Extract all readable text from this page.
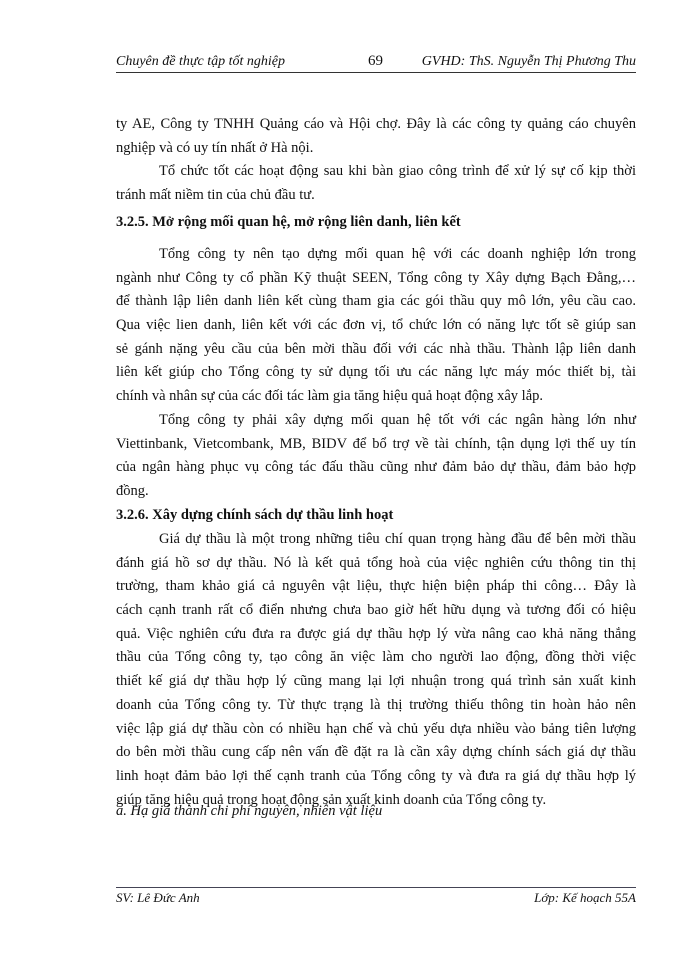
Chuyên đề thực tập tốt nghiệp	69	GVHD: ThS. Nguyễn Thị Phương Thu
ty AE, Công ty TNHH Quảng cáo và Hội chợ. Đây là các công ty quảng cáo chuyên
nghiệp và có uy tín nhất ở Hà nội.
Tổ chức tốt các hoạt động sau khi bàn giao công trình để xử lý sự cố kịp thời
tránh mất niềm tin của chủ đầu tư.
3.2.5. Mở rộng mối quan hệ, mở rộng liên danh, liên kết
Tổng công ty nên tạo dựng mối quan hệ với các doanh nghiệp lớn trong
ngành như Công ty cổ phần Kỹ thuật SEEN, Tổng công ty Xây dựng Bạch Đằng,…
để thành lập liên danh liên kết cùng tham gia các gói thầu quy mô lớn, yêu cầu cao.
Qua việc lien danh, liên kết với các đơn vị, tổ chức lớn có năng lực tốt sẽ giúp san
sẻ gánh nặng yêu cầu của bên mời thầu đối với các nhà thầu. Thành lập liên danh
liên kết giúp cho Tổng công ty sử dụng tối ưu các năng lực máy móc thiết bị, tài
chính và nhân sự của các đối tác làm gia tăng hiệu quả hoạt động xây lắp.
Tổng công ty phải xây dựng mối quan hệ tốt với các ngân hàng lớn như
Viettinbank, Vietcombank, MB, BIDV để bổ trợ về tài chính, tận dụng lợi thế uy tín
của ngân hàng phục vụ công tác đấu thầu cũng như đảm bảo dự thầu, đảm bảo hợp
đồng.
3.2.6. Xây dựng chính sách dự thầu linh hoạt
Giá dự thầu là một trong những tiêu chí quan trọng hàng đầu để bên mời thầu
đánh giá hồ sơ dự thầu. Nó là kết quả tổng hoà của việc nghiên cứu thông tin thị
trường, tham khảo giá cả nguyên vật liệu, thực hiện biện pháp thi công… Đây là
cách cạnh tranh rất cổ điển nhưng chưa bao giờ hết hữu dụng và tương đối có hiệu
quả. Việc nghiên cứu đưa ra được giá dự thầu hợp lý vừa nâng cao khả năng thắng
thầu của Tổng công ty, tạo công ăn việc làm cho người lao động, đồng thời việc
thiết kế giá dự thầu hợp lý cũng mang lại lợi nhuận trong quá trình sản xuất kinh
doanh của Tổng công ty. Từ thực trạng là thị trường thiếu thông tin hoàn hảo nên
việc lập giá dự thầu còn có nhiều hạn chế và chủ yếu dựa nhiều vào bảng tiên lượng
do bên mời thầu cung cấp nên vấn đề đặt ra là cần xây dựng chính sách giá dự thầu
linh hoạt đảm bảo lợi thế cạnh tranh của Tổng công ty và đưa ra giá dự thầu hợp lý
giúp tăng hiệu quả trong hoạt động sản xuất kinh doanh của Tổng công ty.
a. Hạ giá thành chi phí nguyên, nhiên vật liệu
SV: Lê Đức Anh	Lớp: Kế hoạch 55A
